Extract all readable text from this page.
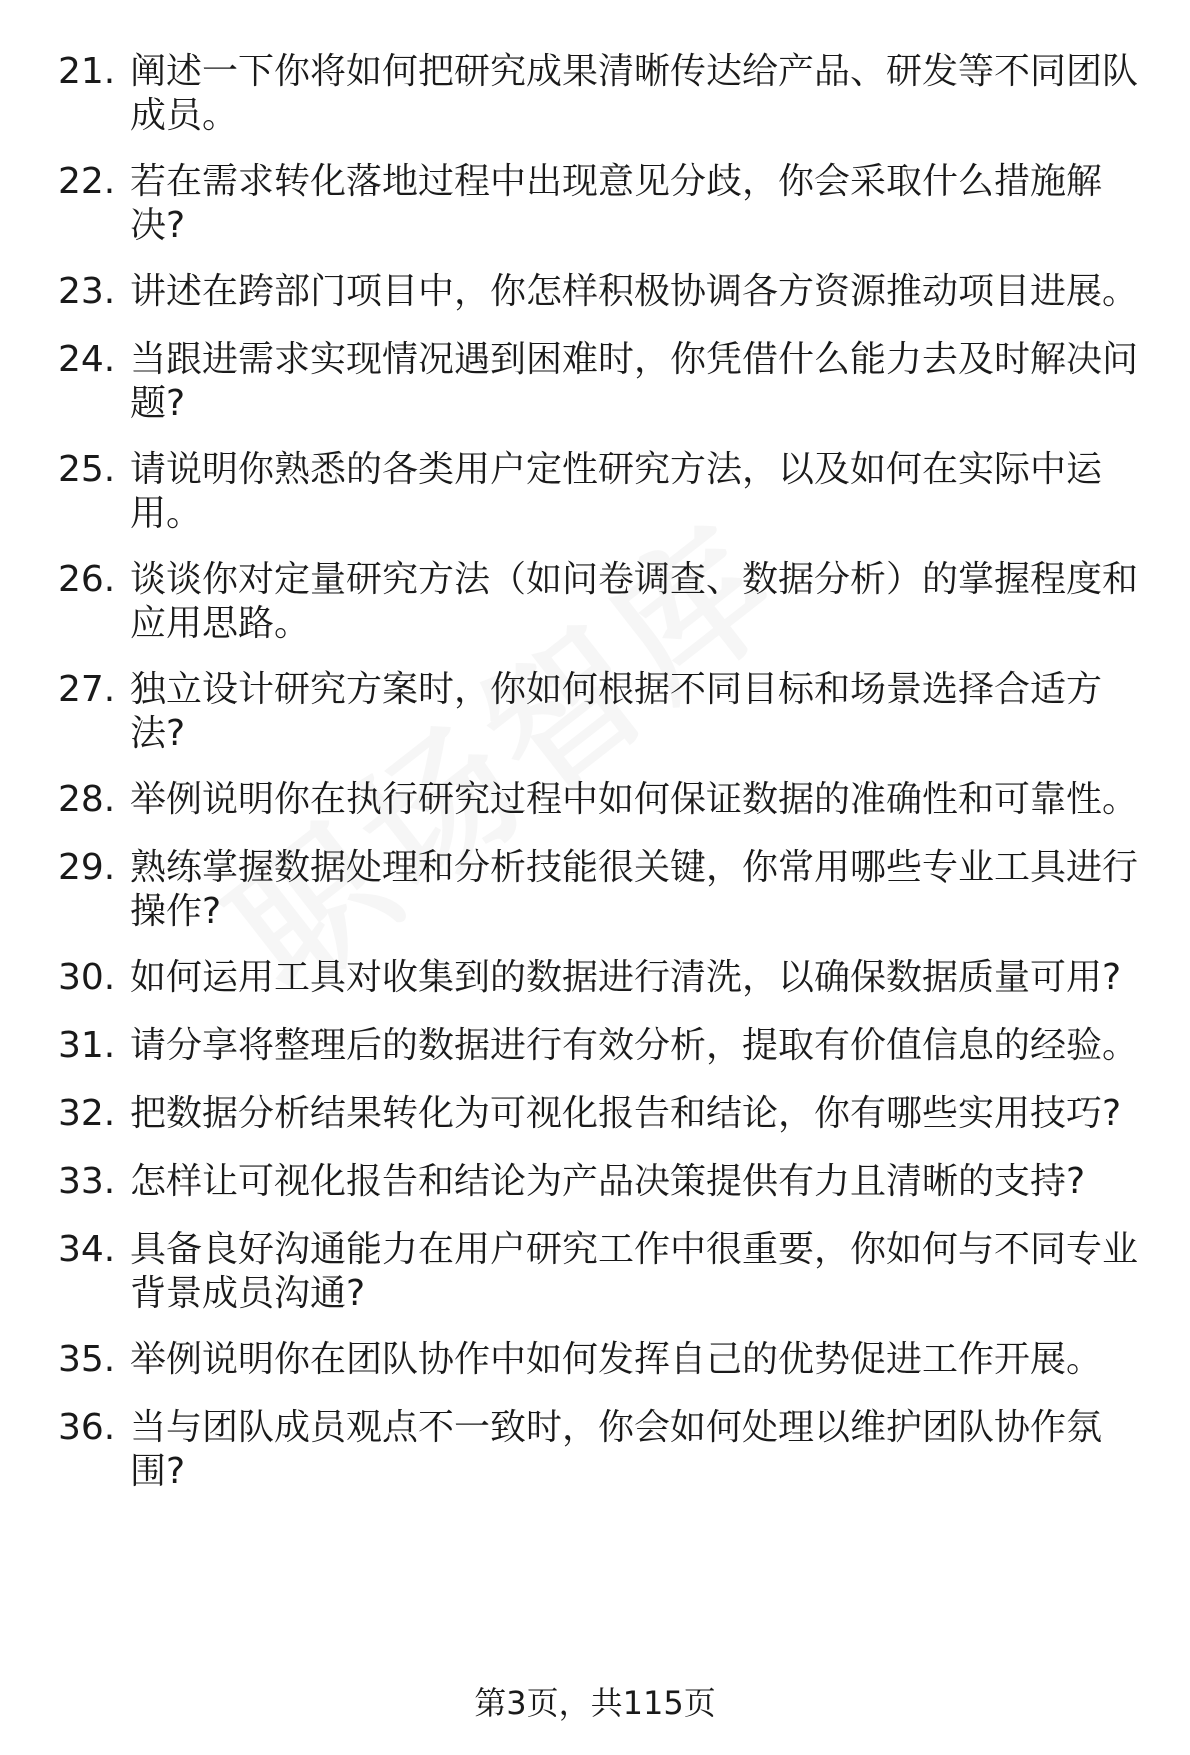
21. 阐述一下你将如何把研究成果清晰传达给产品、研发等不同团队
成员。
22. 若在需求转化落地过程中出现意见分歧，你会采取什么措施解
决?
23. 讲述在跨部门项目中，你怎样积极协调各方资源推动项目进展。
24. 当跟进需求实现情况遇到困难时，你凭借什么能力去及时解决问
题?
25. 请说明你熟悉的各类用户定性研究方法，以及如何在实际中运
用。
26. 谈谈你对定量研究方法（如问卷调查、数据分析）的掌握程度和
应用思路。
27. 独立设计研究方案时，你如何根据不同目标和场景选择合适方
法?
28. 举例说明你在执行研究过程中如何保证数据的准确性和可靠性。
29. 熟练掌握数据处理和分析技能很关键，你常用哪些专业工具进行
操作?
30. 如何运用工具对收集到的数据进行清洗，以确保数据质量可用?
31. 请分享将整理后的数据进行有效分析，提取有价值信息的经验。
32. 把数据分析结果转化为可视化报告和结论，你有哪些实用技巧?
33. 怎样让可视化报告和结论为产品决策提供有力且清晰的支持?
34. 具备良好沟通能力在用户研究工作中很重要，你如何与不同专业
背景成员沟通?
35. 举例说明你在团队协作中如何发挥自己的优势促进工作开展。
36. 当与团队成员观点不一致时，你会如何处理以维护团队协作氛
围?
第3页，共115页
